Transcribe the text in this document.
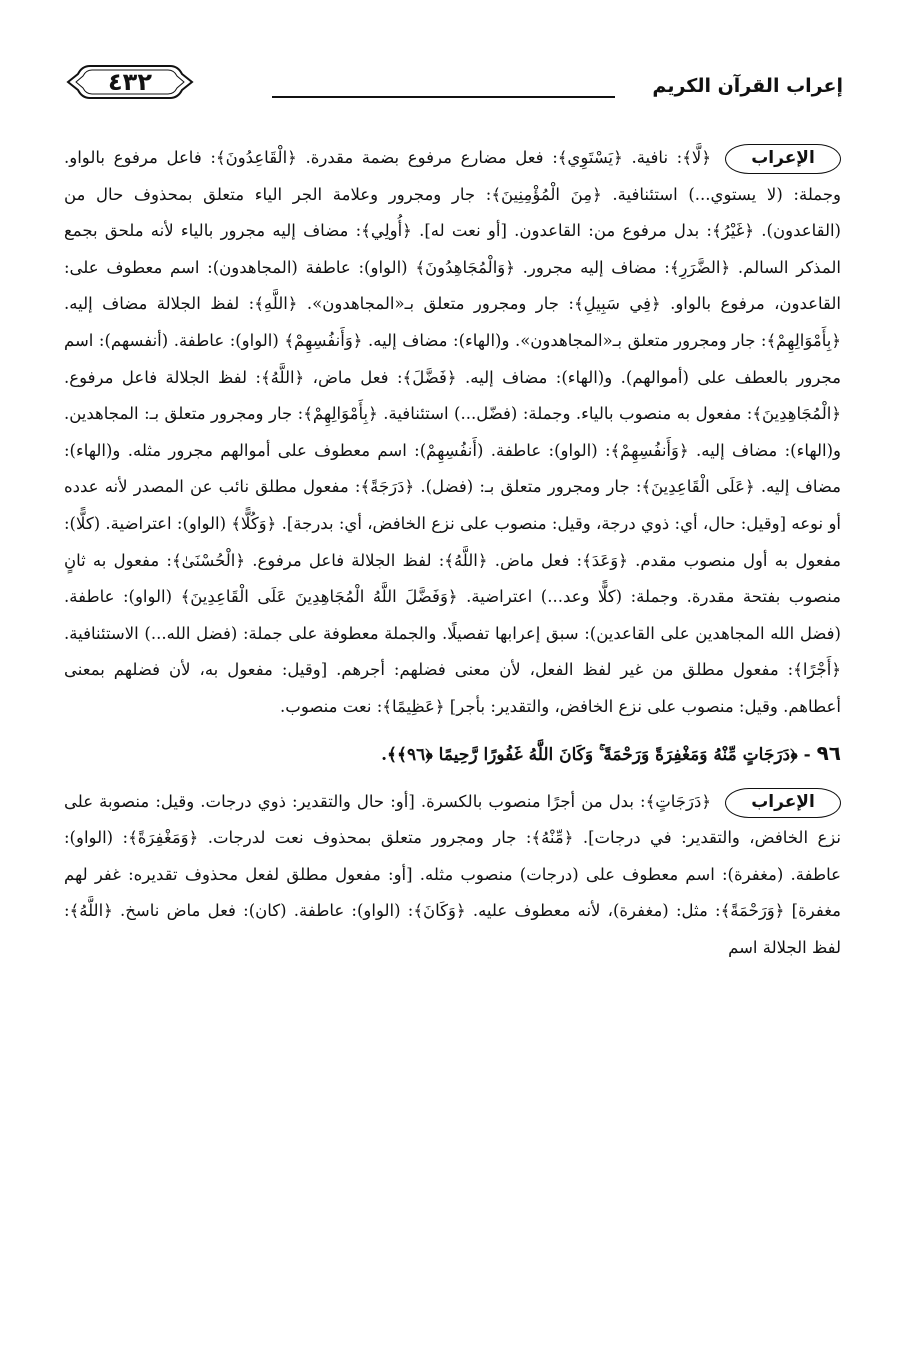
إعراب القرآن الكريم
٤٣٢

الإعراب
﴿لَّا﴾: نافية. ﴿يَسْتَوِي﴾: فعل مضارع مرفوع بضمة مقدرة. ﴿الْقَاعِدُونَ﴾: فاعل مرفوع بالواو. وجملة: (لا يستوي...) استئنافية. ﴿مِنَ الْمُؤْمِنِينَ﴾: جار ومجرور وعلامة الجر الياء متعلق بمحذوف حال من (القاعدون). ﴿غَيْرُ﴾: بدل مرفوع من: القاعدون. [أو نعت له]. ﴿أُولِي﴾: مضاف إليه مجرور بالياء لأنه ملحق بجمع المذكر السالم. ﴿الضَّرَرِ﴾: مضاف إليه مجرور. ﴿وَالْمُجَاهِدُونَ﴾ (الواو): عاطفة (المجاهدون): اسم معطوف على: القاعدون، مرفوع بالواو. ﴿فِي سَبِيلِ﴾: جار ومجرور متعلق بـ«المجاهدون». ﴿اللَّهِ﴾: لفظ الجلالة مضاف إليه. ﴿بِأَمْوَالِهِمْ﴾: جار ومجرور متعلق بـ«المجاهدون». و(الهاء): مضاف إليه. ﴿وَأَنفُسِهِمْ﴾ (الواو): عاطفة. (أنفسهم): اسم مجرور بالعطف على (أموالهم). و(الهاء): مضاف إليه. ﴿فَضَّلَ﴾: فعل ماض، ﴿اللَّهُ﴾: لفظ الجلالة فاعل مرفوع. ﴿الْمُجَاهِدِينَ﴾: مفعول به منصوب بالياء. وجملة: (فضّل...) استئنافية. ﴿بِأَمْوَالِهِمْ﴾: جار ومجرور متعلق بـ: المجاهدين. و(الهاء): مضاف إليه. ﴿وَأَنفُسِهِمْ﴾: (الواو): عاطفة. (أَنفُسِهِمْ): اسم معطوف على أموالهم مجرور مثله. و(الهاء): مضاف إليه. ﴿عَلَى الْقَاعِدِينَ﴾: جار ومجرور متعلق بـ: (فضل). ﴿دَرَجَةً﴾: مفعول مطلق نائب عن المصدر لأنه عدده أو نوعه [وقيل: حال، أي: ذوي درجة، وقيل: منصوب على نزع الخافض، أي: بدرجة]. ﴿وَكُلًّا﴾ (الواو): اعتراضية. (كلًّا): مفعول به أول منصوب مقدم. ﴿وَعَدَ﴾: فعل ماض. ﴿اللَّهُ﴾: لفظ الجلالة فاعل مرفوع. ﴿الْحُسْنَىٰ﴾: مفعول به ثانٍ منصوب بفتحة مقدرة. وجملة: (كلًّا وعد...) اعتراضية. ﴿وَفَضَّلَ اللَّهُ الْمُجَاهِدِينَ عَلَى الْقَاعِدِينَ﴾ (الواو): عاطفة. (فضل الله المجاهدين على القاعدين): سبق إعرابها تفصيلًا. والجملة معطوفة على جملة: (فضل الله...) الاستئنافية. ﴿أَجْرًا﴾: مفعول مطلق من غير لفظ الفعل، لأن معنى فضلهم: أجرهم. [وقيل: مفعول به، لأن فضلهم بمعنى أعطاهم. وقيل: منصوب على نزع الخافض، والتقدير: بأجر] ﴿عَظِيمًا﴾: نعت منصوب.

٩٦ - ﴿دَرَجَاتٍ مِّنْهُ وَمَغْفِرَةً وَرَحْمَةً ۚ وَكَانَ اللَّهُ غَفُورًا رَّحِيمًا ﴿٩٦﴾﴾.

الإعراب
﴿دَرَجَاتٍ﴾: بدل من أجرًا منصوب بالكسرة. [أو: حال والتقدير: ذوي درجات. وقيل: منصوبة على نزع الخافض، والتقدير: في درجات]. ﴿مِّنْهُ﴾: جار ومجرور متعلق بمحذوف نعت لدرجات. ﴿وَمَغْفِرَةً﴾: (الواو): عاطفة. (مغفرة): اسم معطوف على (درجات) منصوب مثله. [أو: مفعول مطلق لفعل محذوف تقديره: غفر لهم مغفرة] ﴿وَرَحْمَةً﴾: مثل: (مغفرة)، لأنه معطوف عليه. ﴿وَكَانَ﴾: (الواو): عاطفة. (كان): فعل ماض ناسخ. ﴿اللَّهُ﴾: لفظ الجلالة اسم
